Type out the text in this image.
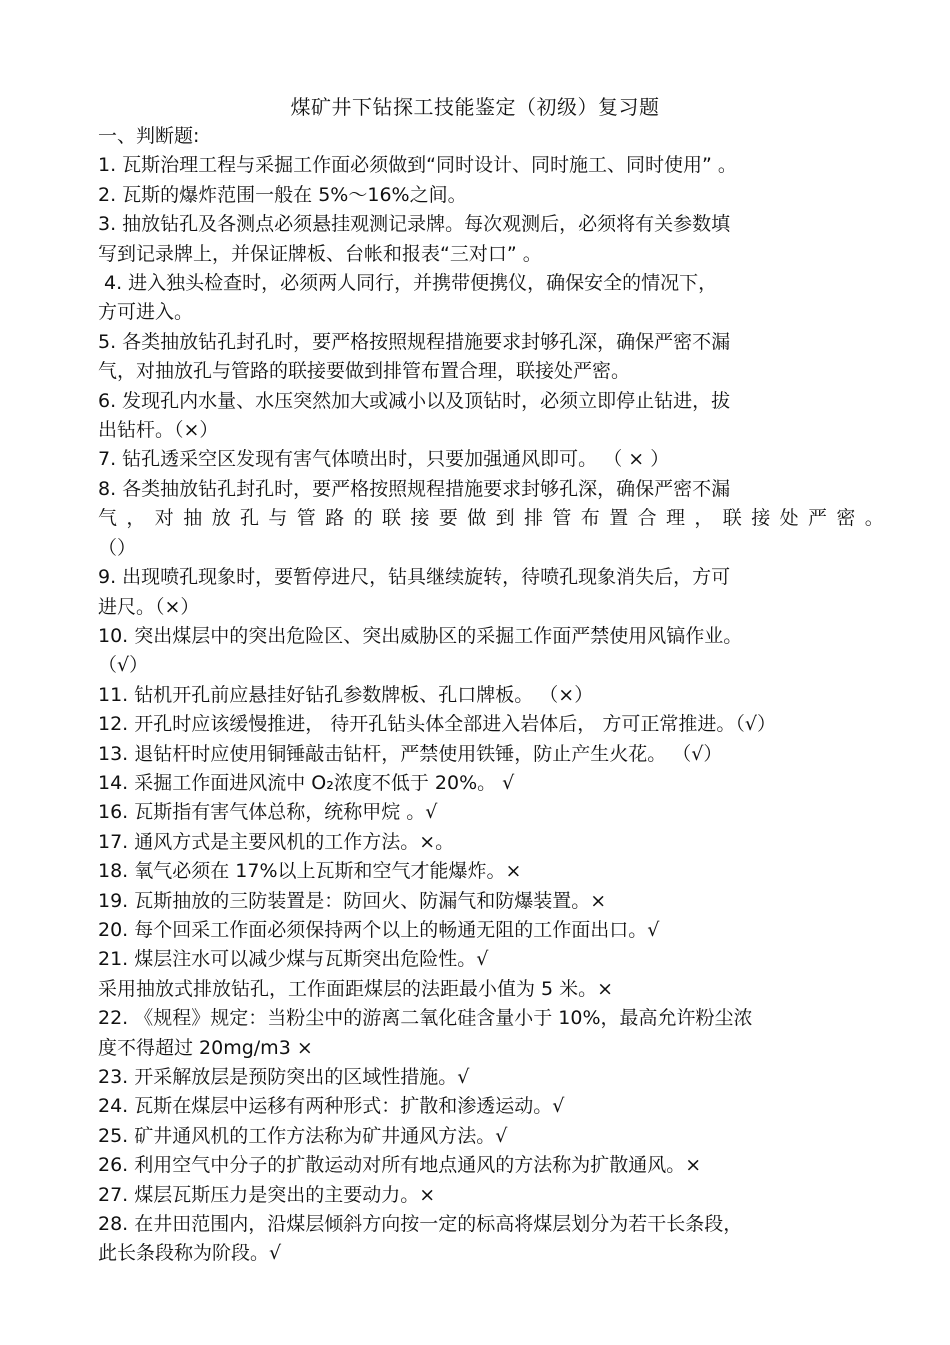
煤矿井下钻探工技能鉴定（初级）复习题
一、判断题:
1. 瓦斯治理工程与采掘工作面必须做到“同时设计、同时施工、同时使用” 。
2. 瓦斯的爆炸范围一般在 5%～16%之间。
3. 抽放钻孔及各测点必须悬挂观测记录牌。每次观测后，必须将有关参数填
写到记录牌上，并保证牌板、台帐和报表“三对口” 。
4. 进入独头检查时，必须两人同行，并携带便携仪，确保安全的情况下，
方可进入。
5. 各类抽放钻孔封孔时，要严格按照规程措施要求封够孔深，确保严密不漏
气，对抽放孔与管路的联接要做到排管布置合理，联接处严密。
6. 发现孔内水量、水压突然加大或减小以及顶钻时，必须立即停止钻进，拔
出钻杆。（×）
7. 钻孔透采空区发现有害气体喷出时，只要加强通风即可。 （ × ）
8. 各类抽放钻孔封孔时，要严格按照规程措施要求封够孔深，确保严密不漏
气，对抽放孔与管路的联接要做到排管布置合理，联接处严密。
（）
9. 出现喷孔现象时，要暂停进尺，钻具继续旋转，待喷孔现象消失后，方可
进尺。（×）
10. 突出煤层中的突出危险区、突出威胁区的采掘工作面严禁使用风镐作业。
（√）
11. 钻机开孔前应悬挂好钻孔参数牌板、孔口牌板。 （×）
12. 开孔时应该缓慢推进， 待开孔钻头体全部进入岩体后， 方可正常推进。（√）
13. 退钻杆时应使用铜锤敲击钻杆，严禁使用铁锤，防止产生火花。 （√）
14. 采掘工作面进风流中 O₂浓度不低于 20%。 √
16. 瓦斯指有害气体总称，统称甲烷 。√
17. 通风方式是主要风机的工作方法。×。
18. 氧气必须在 17%以上瓦斯和空气才能爆炸。×
19. 瓦斯抽放的三防装置是：防回火、防漏气和防爆装置。×
20. 每个回采工作面必须保持两个以上的畅通无阻的工作面出口。√
21. 煤层注水可以减少煤与瓦斯突出危险性。√
采用抽放式排放钻孔，工作面距煤层的法距最小值为 5 米。×
22. 《规程》规定：当粉尘中的游离二氧化硅含量小于 10%，最高允许粉尘浓
度不得超过 20mg/m3 ×
23. 开采解放层是预防突出的区域性措施。√
24. 瓦斯在煤层中运移有两种形式：扩散和渗透运动。√
25. 矿井通风机的工作方法称为矿井通风方法。√
26. 利用空气中分子的扩散运动对所有地点通风的方法称为扩散通风。×
27. 煤层瓦斯压力是突出的主要动力。×
28. 在井田范围内，沿煤层倾斜方向按一定的标高将煤层划分为若干长条段，
此长条段称为阶段。√
